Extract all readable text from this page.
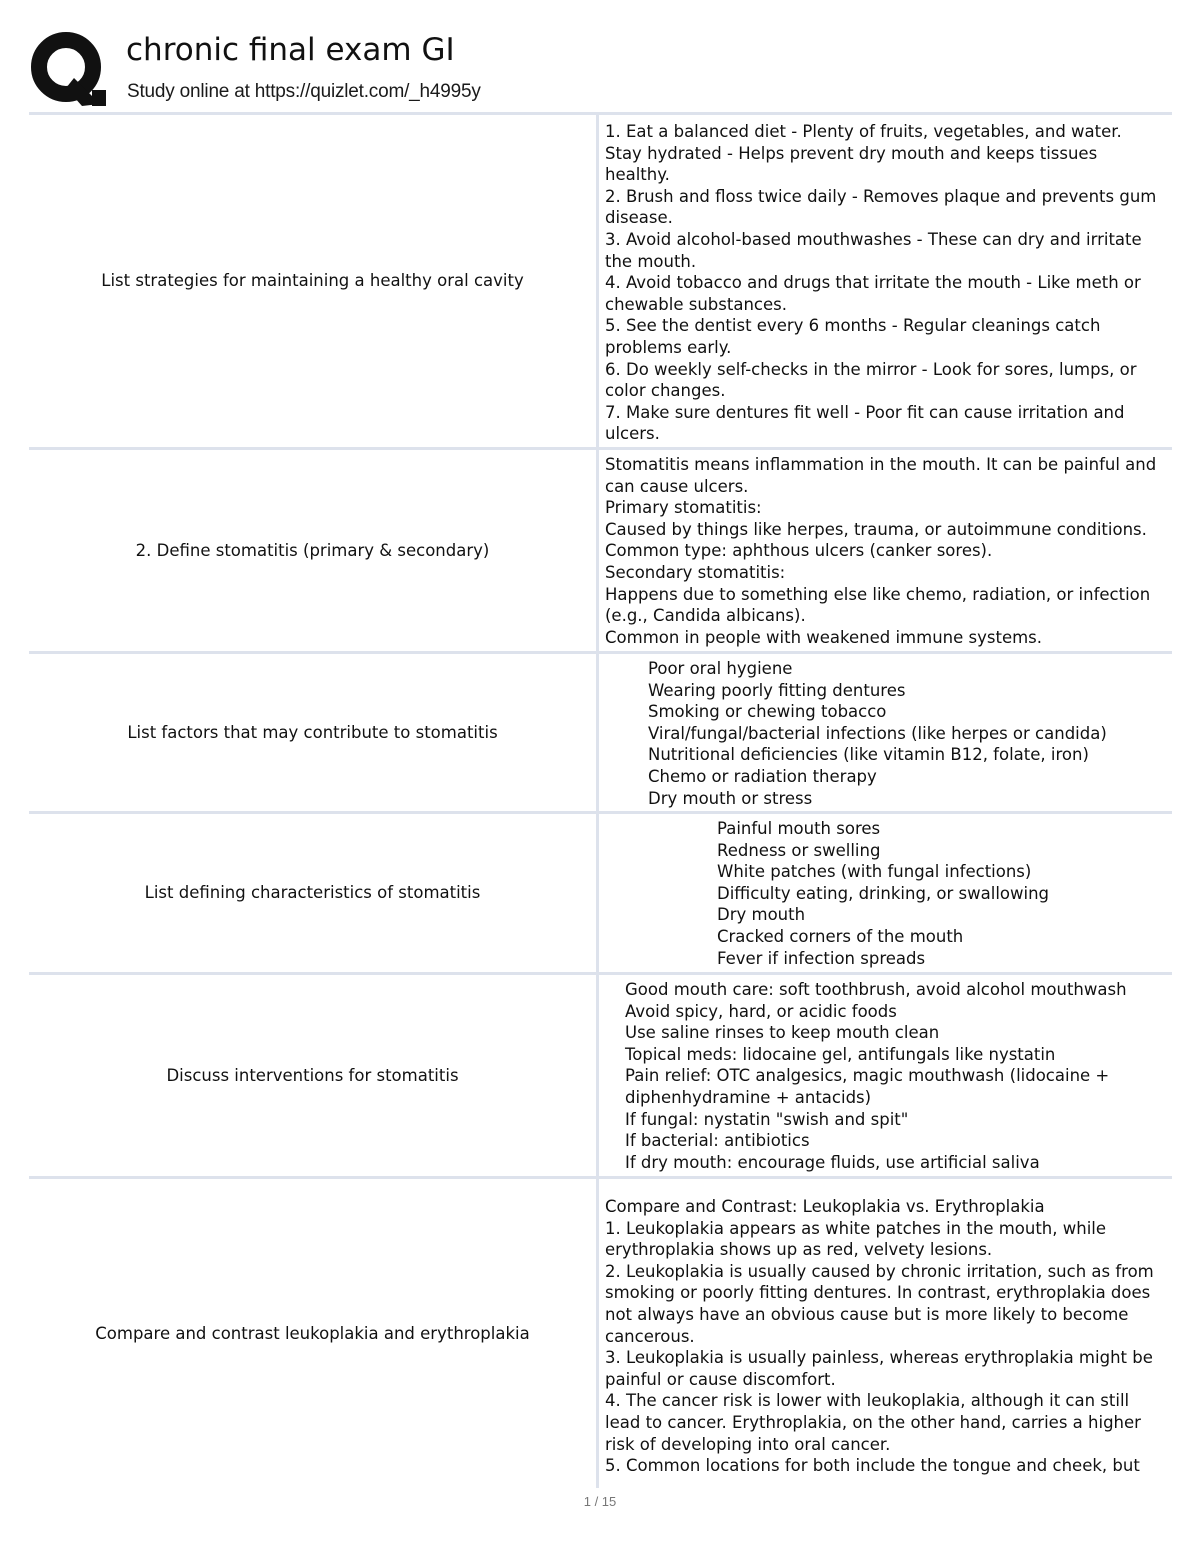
chronic final exam GI
Study online at https://quizlet.com/_h4995y
List strategies for maintaining a healthy oral cavity
1. Eat a balanced diet - Plenty of fruits, vegetables, and water.
Stay hydrated - Helps prevent dry mouth and keeps tissues
healthy.
2. Brush and floss twice daily - Removes plaque and prevents gum
disease.
3. Avoid alcohol-based mouthwashes - These can dry and irritate
the mouth.
4. Avoid tobacco and drugs that irritate the mouth - Like meth or
chewable substances.
5. See the dentist every 6 months - Regular cleanings catch
problems early.
6. Do weekly self-checks in the mirror - Look for sores, lumps, or
color changes.
7. Make sure dentures fit well - Poor fit can cause irritation and
ulcers.
2. Define stomatitis (primary & secondary)
Stomatitis means inflammation in the mouth. It can be painful and
can cause ulcers.
Primary stomatitis:
Caused by things like herpes, trauma, or autoimmune conditions.
Common type: aphthous ulcers (canker sores).
Secondary stomatitis:
Happens due to something else like chemo, radiation, or infection
(e.g., Candida albicans).
Common in people with weakened immune systems.
List factors that may contribute to stomatitis
Poor oral hygiene
Wearing poorly fitting dentures
Smoking or chewing tobacco
Viral/fungal/bacterial infections (like herpes or candida)
Nutritional deficiencies (like vitamin B12, folate, iron)
Chemo or radiation therapy
Dry mouth or stress
List defining characteristics of stomatitis
Painful mouth sores
Redness or swelling
White patches (with fungal infections)
Difficulty eating, drinking, or swallowing
Dry mouth
Cracked corners of the mouth
Fever if infection spreads
Discuss interventions for stomatitis
Good mouth care: soft toothbrush, avoid alcohol mouthwash
Avoid spicy, hard, or acidic foods
Use saline rinses to keep mouth clean
Topical meds: lidocaine gel, antifungals like nystatin
Pain relief: OTC analgesics, magic mouthwash (lidocaine +
diphenhydramine + antacids)
If fungal: nystatin "swish and spit"
If bacterial: antibiotics
If dry mouth: encourage fluids, use artificial saliva
Compare and contrast leukoplakia and erythroplakia
Compare and Contrast: Leukoplakia vs. Erythroplakia
1. Leukoplakia appears as white patches in the mouth, while
erythroplakia shows up as red, velvety lesions.
2. Leukoplakia is usually caused by chronic irritation, such as from
smoking or poorly fitting dentures. In contrast, erythroplakia does
not always have an obvious cause but is more likely to become
cancerous.
3. Leukoplakia is usually painless, whereas erythroplakia might be
painful or cause discomfort.
4. The cancer risk is lower with leukoplakia, although it can still
lead to cancer. Erythroplakia, on the other hand, carries a higher
risk of developing into oral cancer.
5. Common locations for both include the tongue and cheek, but
1 / 15
